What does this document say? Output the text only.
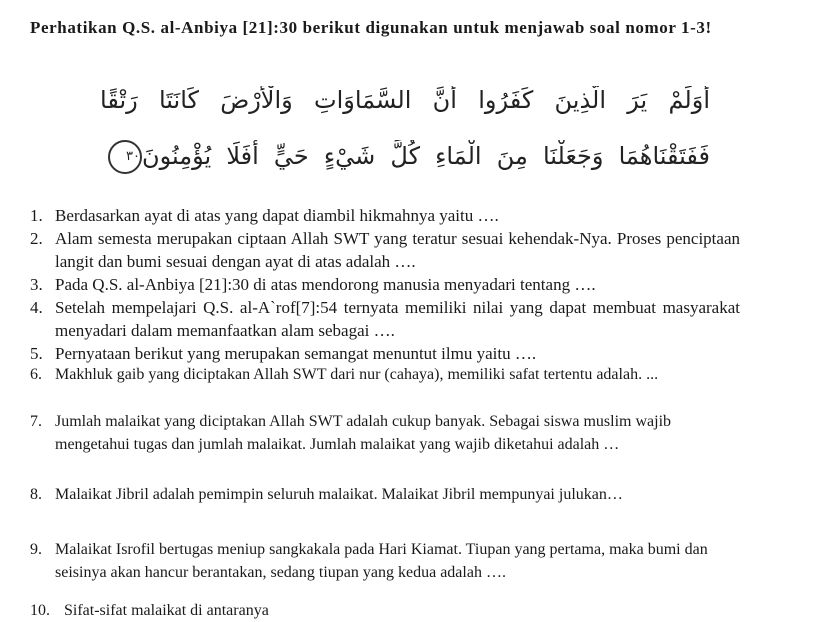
Perhatikan Q.S. al-Anbiya [21]:30 berikut digunakan untuk menjawab soal nomor 1-3!
أَوَلَمْ يَرَ الَّذِينَ كَفَرُوا أَنَّ السَّمَاوَاتِ وَالْأَرْضَ كَانَتَا رَتْقًا
فَفَتَقْنَاهُمَا وَجَعَلْنَا مِنَ الْمَاءِ كُلَّ شَيْءٍ حَيٍّ أَفَلَا يُؤْمِنُونَ٣٠
1. Berdasarkan ayat di atas yang dapat diambil hikmahnya yaitu ….
2. Alam semesta merupakan ciptaan Allah SWT yang teratur sesuai kehendak-Nya. Proses penciptaan langit dan bumi sesuai dengan ayat di atas adalah ….
3. Pada Q.S. al-Anbiya [21]:30 di atas mendorong manusia menyadari tentang ….
4. Setelah mempelajari Q.S. al-A`rof[7]:54 ternyata memiliki nilai yang dapat membuat masyarakat menyadari dalam memanfaatkan alam sebagai ….
5. Pernyataan berikut yang merupakan semangat menuntut ilmu yaitu ….
6. Makhluk gaib yang diciptakan Allah SWT dari nur (cahaya), memiliki safat tertentu adalah. ...
7. Jumlah malaikat yang diciptakan Allah SWT adalah cukup banyak. Sebagai siswa muslim wajib mengetahui tugas dan jumlah malaikat. Jumlah malaikat yang wajib diketahui adalah …
8. Malaikat Jibril adalah pemimpin seluruh malaikat. Malaikat Jibril mempunyai julukan…
9. Malaikat Isrofil bertugas meniup sangkakala pada Hari Kiamat. Tiupan yang pertama, maka bumi dan seisinya akan hancur berantakan, sedang tiupan yang kedua adalah ….
10. Sifat-sifat malaikat di antaranya
